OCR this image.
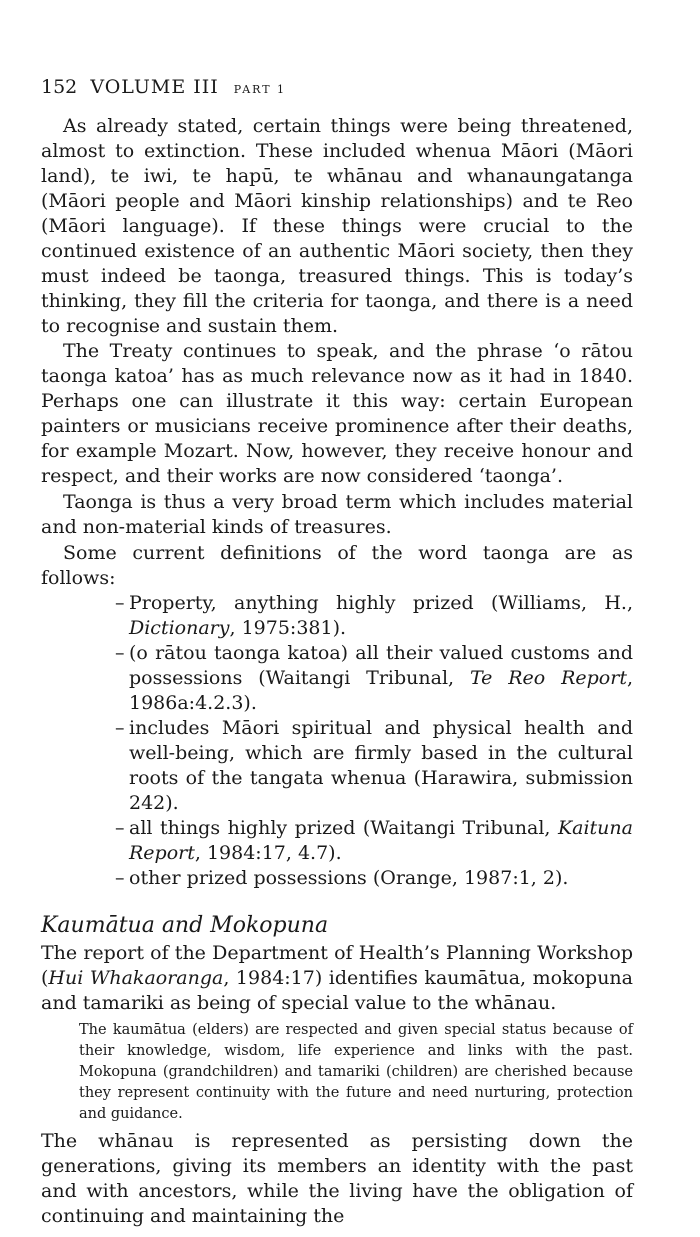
152 VOLUME III PART 1

As already stated, certain things were being threatened, almost to extinction. These included whenua Māori (Māori land), te iwi, te hapū, te whānau and whanaungatanga (Māori people and Māori kinship relationships) and te Reo (Māori language). If these things were crucial to the continued existence of an authentic Māori society, then they must indeed be taonga, treasured things. This is today’s thinking, they fill the criteria for taonga, and there is a need to recognise and sustain them.

The Treaty continues to speak, and the phrase ‘o rātou taonga katoa’ has as much relevance now as it had in 1840. Perhaps one can illustrate it this way: certain European painters or musicians receive prominence after their deaths, for example Mozart. Now, however, they receive honour and respect, and their works are now considered ‘taonga’.

Taonga is thus a very broad term which includes material and non-material kinds of treasures.

Some current definitions of the word taonga are as follows:

– Property, anything highly prized (Williams, H., Dictionary, 1975:381).
– (o rātou taonga katoa) all their valued customs and possessions (Waitangi Tribunal, Te Reo Report, 1986a:4.2.3).
– includes Māori spiritual and physical health and well-being, which are firmly based in the cultural roots of the tangata whenua (Harawira, submission 242).
– all things highly prized (Waitangi Tribunal, Kaituna Report, 1984:17, 4.7).
– other prized possessions (Orange, 1987:1, 2).
Kaumātua and Mokopuna

The report of the Department of Health’s Planning Workshop (Hui Whakaoranga, 1984:17) identifies kaumātua, mokopuna and tamariki as being of special value to the whānau.

The kaumātua (elders) are respected and given special status because of their knowledge, wisdom, life experience and links with the past. Mokopuna (grandchildren) and tamariki (children) are cherished because they represent continuity with the future and need nurturing, protection and guidance.

The whānau is represented as persisting down the generations, giving its members an identity with the past and with ancestors, while the living have the obligation of continuing and maintaining the
